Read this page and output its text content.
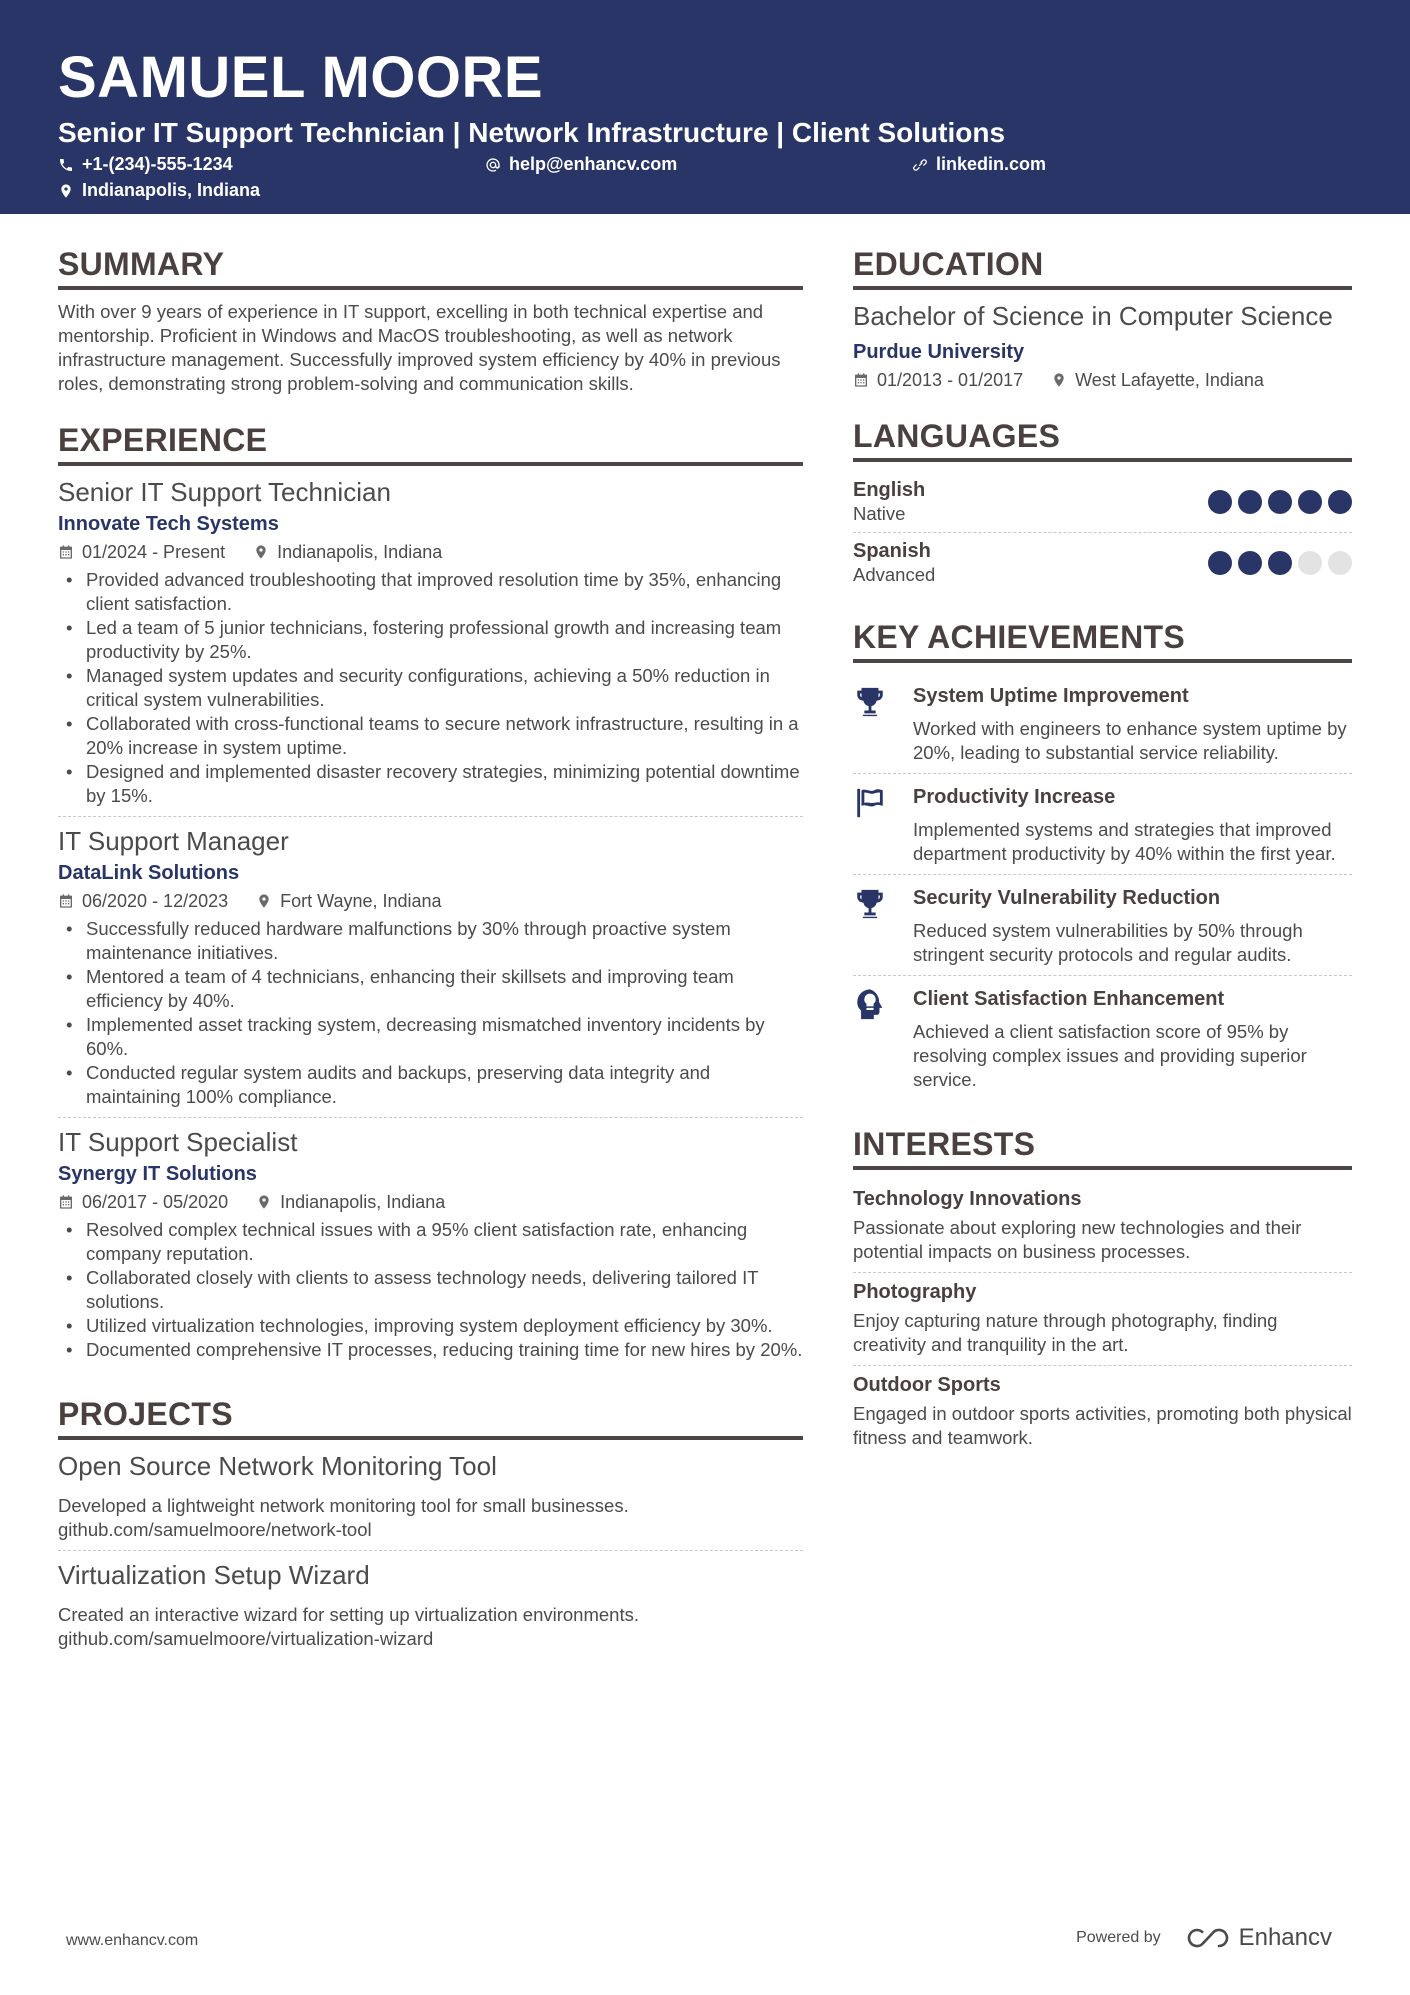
SAMUEL MOORE
Senior IT Support Technician | Network Infrastructure | Client Solutions
+1-(234)-555-1234	help@enhancv.com	linkedin.com
Indianapolis, Indiana
SUMMARY
With over 9 years of experience in IT support, excelling in both technical expertise and mentorship. Proficient in Windows and MacOS troubleshooting, as well as network infrastructure management. Successfully improved system efficiency by 40% in previous roles, demonstrating strong problem-solving and communication skills.
EXPERIENCE
Senior IT Support Technician
Innovate Tech Systems
01/2024 - Present	Indianapolis, Indiana
• Provided advanced troubleshooting that improved resolution time by 35%, enhancing client satisfaction.
• Led a team of 5 junior technicians, fostering professional growth and increasing team productivity by 25%.
• Managed system updates and security configurations, achieving a 50% reduction in critical system vulnerabilities.
• Collaborated with cross-functional teams to secure network infrastructure, resulting in a 20% increase in system uptime.
• Designed and implemented disaster recovery strategies, minimizing potential downtime by 15%.
IT Support Manager
DataLink Solutions
06/2020 - 12/2023	Fort Wayne, Indiana
• Successfully reduced hardware malfunctions by 30% through proactive system maintenance initiatives.
• Mentored a team of 4 technicians, enhancing their skillsets and improving team efficiency by 40%.
• Implemented asset tracking system, decreasing mismatched inventory incidents by 60%.
• Conducted regular system audits and backups, preserving data integrity and maintaining 100% compliance.
IT Support Specialist
Synergy IT Solutions
06/2017 - 05/2020	Indianapolis, Indiana
• Resolved complex technical issues with a 95% client satisfaction rate, enhancing company reputation.
• Collaborated closely with clients to assess technology needs, delivering tailored IT solutions.
• Utilized virtualization technologies, improving system deployment efficiency by 30%.
• Documented comprehensive IT processes, reducing training time for new hires by 20%.
PROJECTS
Open Source Network Monitoring Tool
Developed a lightweight network monitoring tool for small businesses.
github.com/samuelmoore/network-tool
Virtualization Setup Wizard
Created an interactive wizard for setting up virtualization environments.
github.com/samuelmoore/virtualization-wizard
EDUCATION
Bachelor of Science in Computer Science
Purdue University
01/2013 - 01/2017	West Lafayette, Indiana
LANGUAGES
English
Native
Spanish
Advanced
KEY ACHIEVEMENTS
System Uptime Improvement
Worked with engineers to enhance system uptime by 20%, leading to substantial service reliability.
Productivity Increase
Implemented systems and strategies that improved department productivity by 40% within the first year.
Security Vulnerability Reduction
Reduced system vulnerabilities by 50% through stringent security protocols and regular audits.
Client Satisfaction Enhancement
Achieved a client satisfaction score of 95% by resolving complex issues and providing superior service.
INTERESTS
Technology Innovations
Passionate about exploring new technologies and their potential impacts on business processes.
Photography
Enjoy capturing nature through photography, finding creativity and tranquility in the art.
Outdoor Sports
Engaged in outdoor sports activities, promoting both physical fitness and teamwork.
www.enhancv.com	Powered by	Enhancv
